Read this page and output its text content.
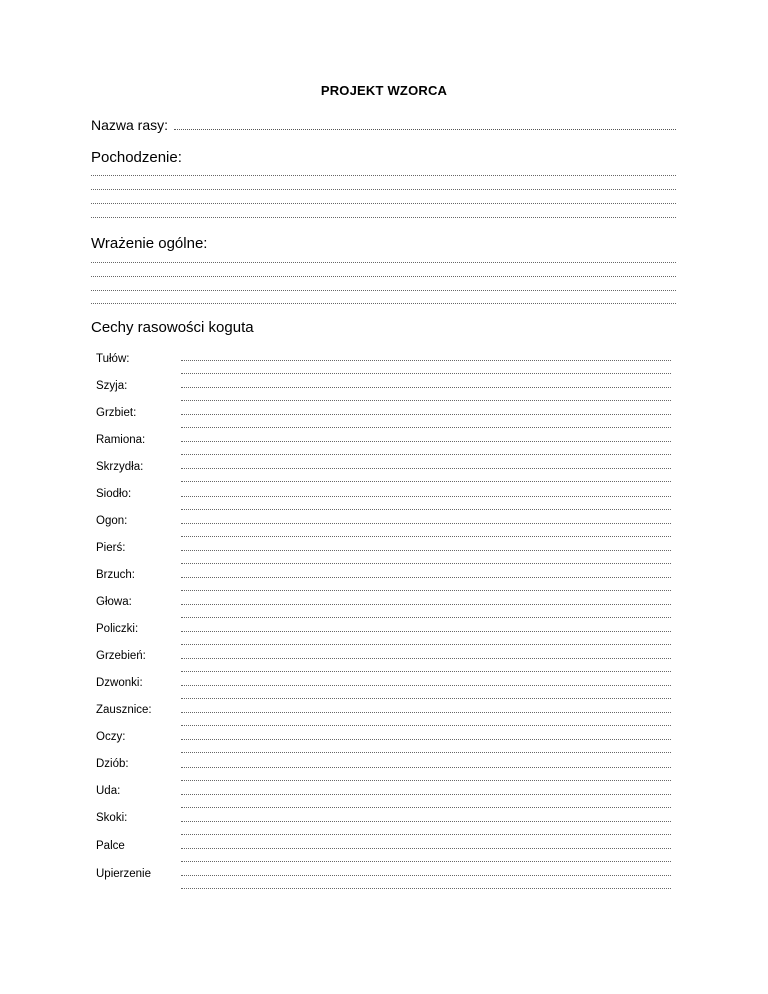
PROJEKT WZORCA
Nazwa rasy:
Pochodzenie:
Wrażenie ogólne:
Cechy rasowości koguta
Tułów:
Szyja:
Grzbiet:
Ramiona:
Skrzydła:
Siodło:
Ogon:
Pierś:
Brzuch:
Głowa:
Policzki:
Grzebień:
Dzwonki:
Zausznice:
Oczy:
Dziób:
Uda:
Skoki:
Palce
Upierzenie
